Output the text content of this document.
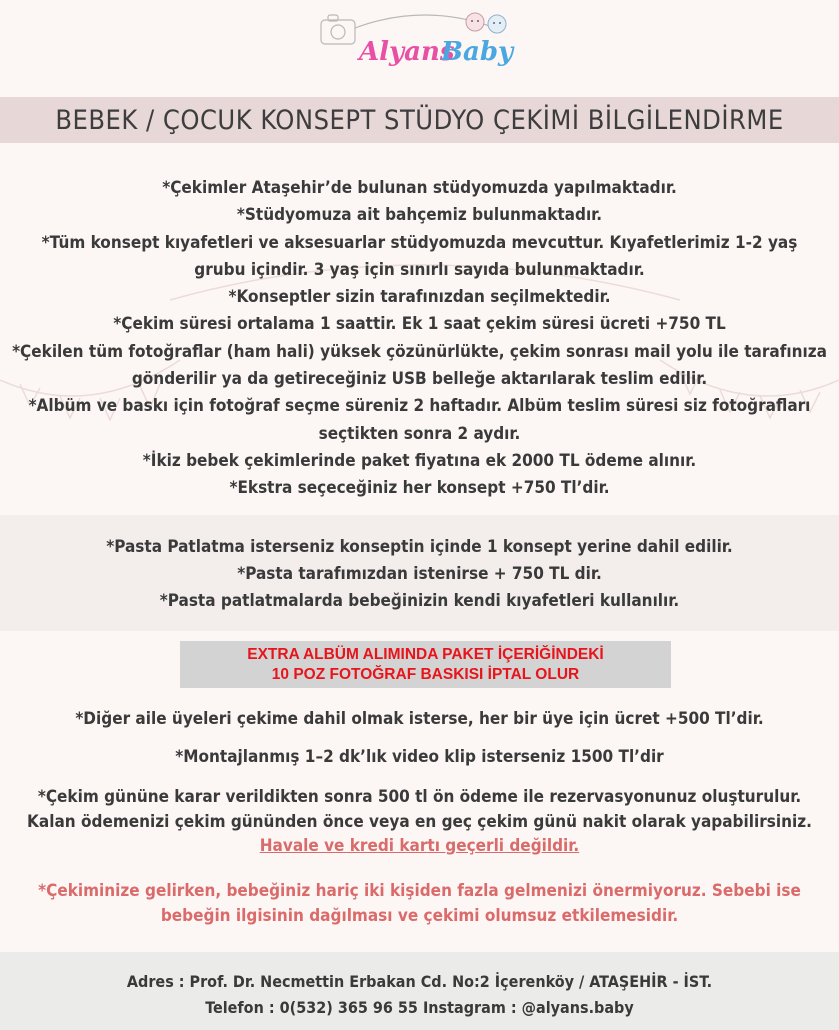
Alyans
Baby
BEBEK / ÇOCUK KONSEPT STÜDYO ÇEKİMİ BİLGİLENDİRME
*Çekimler Ataşehir’de bulunan stüdyomuzda yapılmaktadır.
*Stüdyomuza ait bahçemiz bulunmaktadır.
*Tüm konsept kıyafetleri ve aksesuarlar stüdyomuzda mevcuttur. Kıyafetlerimiz 1-2 yaş
grubu içindir. 3 yaş için sınırlı sayıda bulunmaktadır.
*Konseptler sizin tarafınızdan seçilmektedir.
*Çekim süresi ortalama 1 saattir. Ek 1 saat çekim süresi ücreti +750 TL
*Çekilen tüm fotoğraflar (ham hali) yüksek çözünürlükte, çekim sonrası mail yolu ile tarafınıza
gönderilir ya da getireceğiniz USB belleğe aktarılarak teslim edilir.
*Albüm ve baskı için fotoğraf seçme süreniz 2 haftadır. Albüm teslim süresi siz fotoğrafları
seçtikten sonra 2 aydır.
*İkiz bebek çekimlerinde paket fiyatına ek 2000 TL ödeme alınır.
*Ekstra seçeceğiniz her konsept +750 Tl’dir.
*Pasta Patlatma isterseniz konseptin içinde 1 konsept yerine dahil edilir.
*Pasta tarafımızdan istenirse + 750 TL dir.
*Pasta patlatmalarda bebeğinizin kendi kıyafetleri kullanılır.
EXTRA ALBÜM ALIMINDA PAKET İÇERİĞİNDEKİ
10 POZ FOTOĞRAF BASKISI İPTAL OLUR
*Diğer aile üyeleri çekime dahil olmak isterse, her bir üye için ücret +500 Tl’dir.
*Montajlanmış 1–2 dk’lık video klip isterseniz 1500 Tl’dir
*Çekim gününe karar verildikten sonra 500 tl ön ödeme ile rezervasyonunuz oluşturulur.
Kalan ödemenizi çekim gününden önce veya en geç çekim günü nakit olarak yapabilirsiniz.
Havale ve kredi kartı geçerli değildir.
*Çekiminize gelirken, bebeğiniz hariç iki kişiden fazla gelmenizi önermiyoruz. Sebebi ise
bebeğin ilgisinin dağılması ve çekimi olumsuz etkilemesidir.
Adres : Prof. Dr. Necmettin Erbakan Cd. No:2 İçerenköy / ATAŞEHİR - İST.
Telefon : 0(532) 365 96 55 Instagram : @alyans.baby
